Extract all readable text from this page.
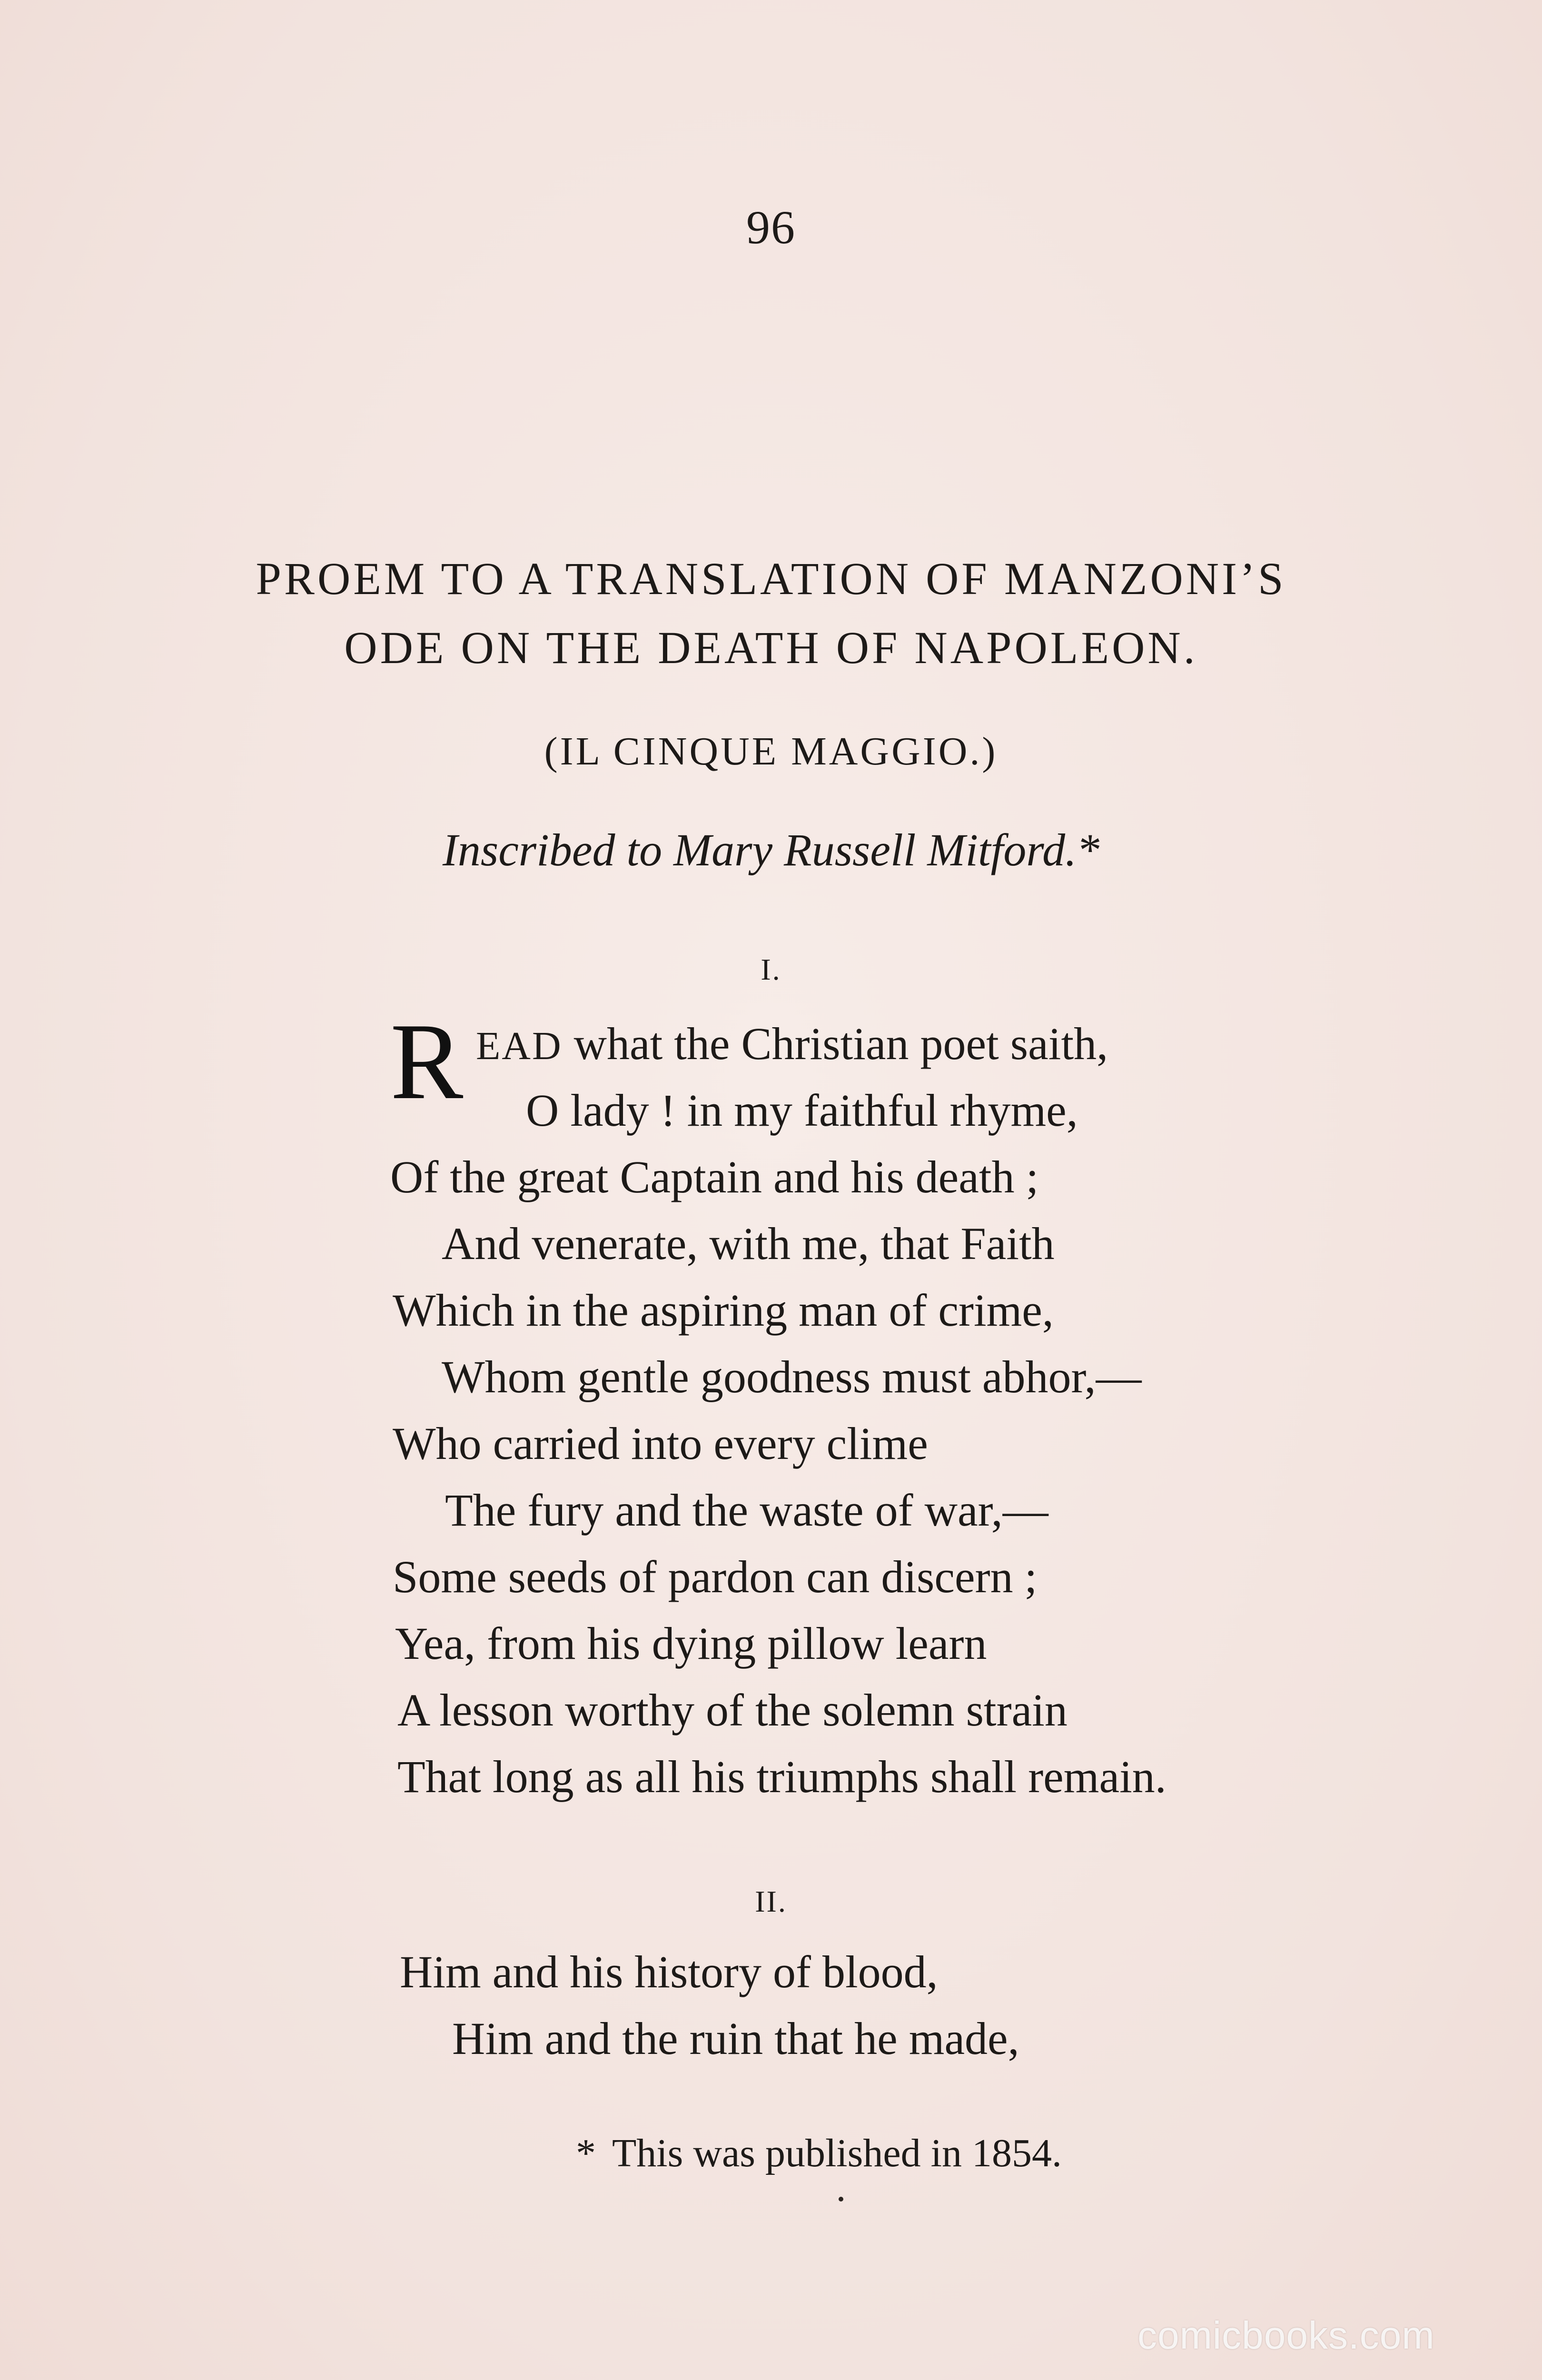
96
PROEM TO A TRANSLATION OF MANZONI’S
ODE ON THE DEATH OF NAPOLEON.
(IL CINQUE MAGGIO.)
Inscribed to Mary Russell Mitford.*
I.
R EAD what the Christian poet saith,
O lady ! in my faithful rhyme,
Of the great Captain and his death ;
And venerate, with me, that Faith
Which in the aspiring man of crime,
Whom gentle goodness must abhor,—
Who carried into every clime
The fury and the waste of war,—
Some seeds of pardon can discern ;
Yea, from his dying pillow learn
A lesson worthy of the solemn strain
That long as all his triumphs shall remain.
II.
Him and his history of blood,
Him and the ruin that he made,
* This was published in 1854.
comicbooks.com
